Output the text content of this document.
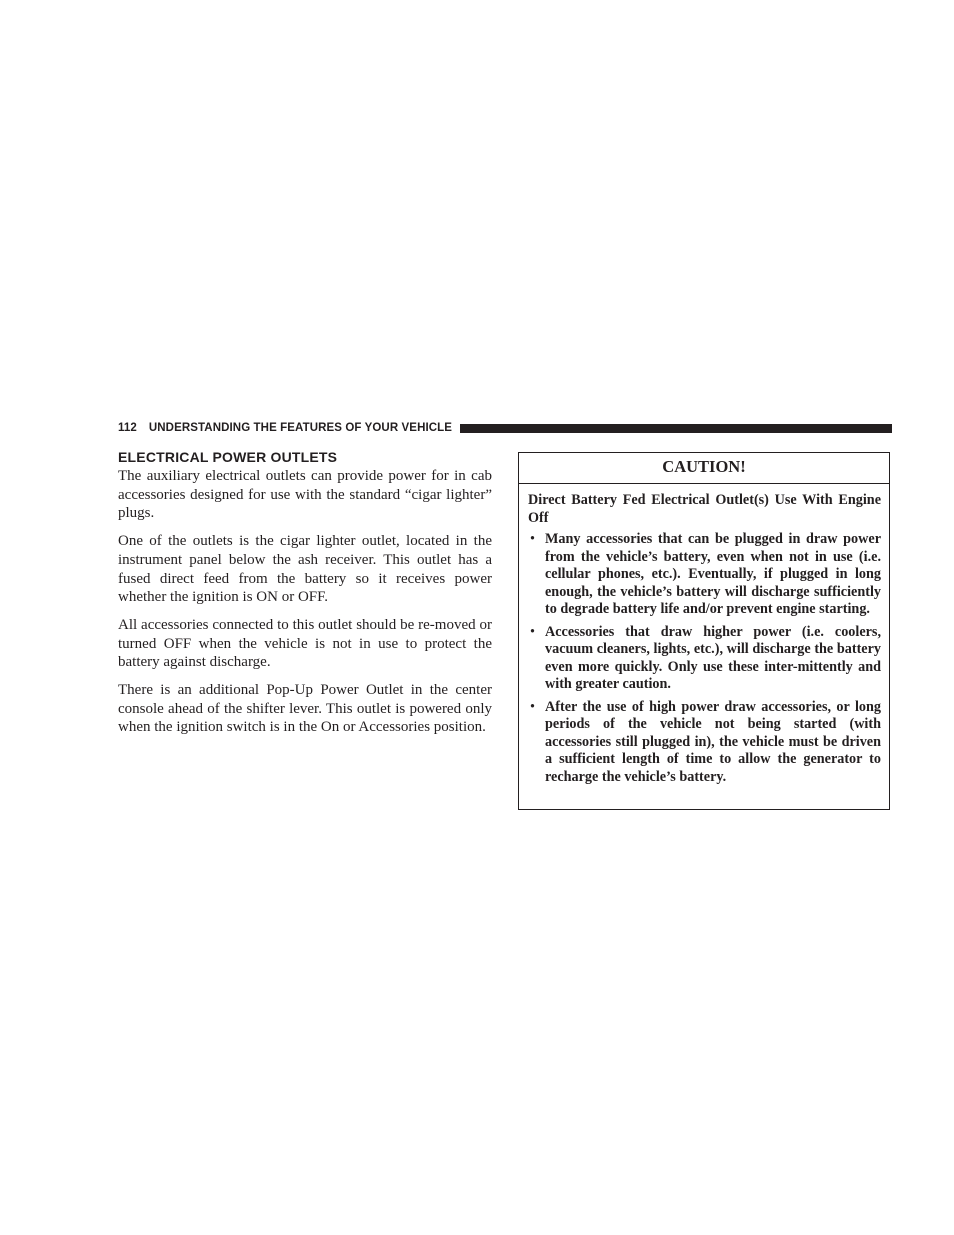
112 UNDERSTANDING THE FEATURES OF YOUR VEHICLE
ELECTRICAL POWER OUTLETS

The auxiliary electrical outlets can provide power for in cab accessories designed for use with the standard “cigar lighter” plugs.

One of the outlets is the cigar lighter outlet, located in the instrument panel below the ash receiver. This outlet has a fused direct feed from the battery so it receives power whether the ignition is ON or OFF.

All accessories connected to this outlet should be re-moved or turned OFF when the vehicle is not in use to protect the battery against discharge.

There is an additional Pop-Up Power Outlet in the center console ahead of the shifter lever. This outlet is powered only when the ignition switch is in the On or Accessories position.

CAUTION!

Direct Battery Fed Electrical Outlet(s) Use With Engine Off

• Many accessories that can be plugged in draw power from the vehicle’s battery, even when not in use (i.e. cellular phones, etc.). Eventually, if plugged in long enough, the vehicle’s battery will discharge sufficiently to degrade battery life and/or prevent engine starting.
• Accessories that draw higher power (i.e. coolers, vacuum cleaners, lights, etc.), will discharge the battery even more quickly. Only use these inter-mittently and with greater caution.
• After the use of high power draw accessories, or long periods of the vehicle not being started (with accessories still plugged in), the vehicle must be driven a sufficient length of time to allow the generator to recharge the vehicle’s battery.
